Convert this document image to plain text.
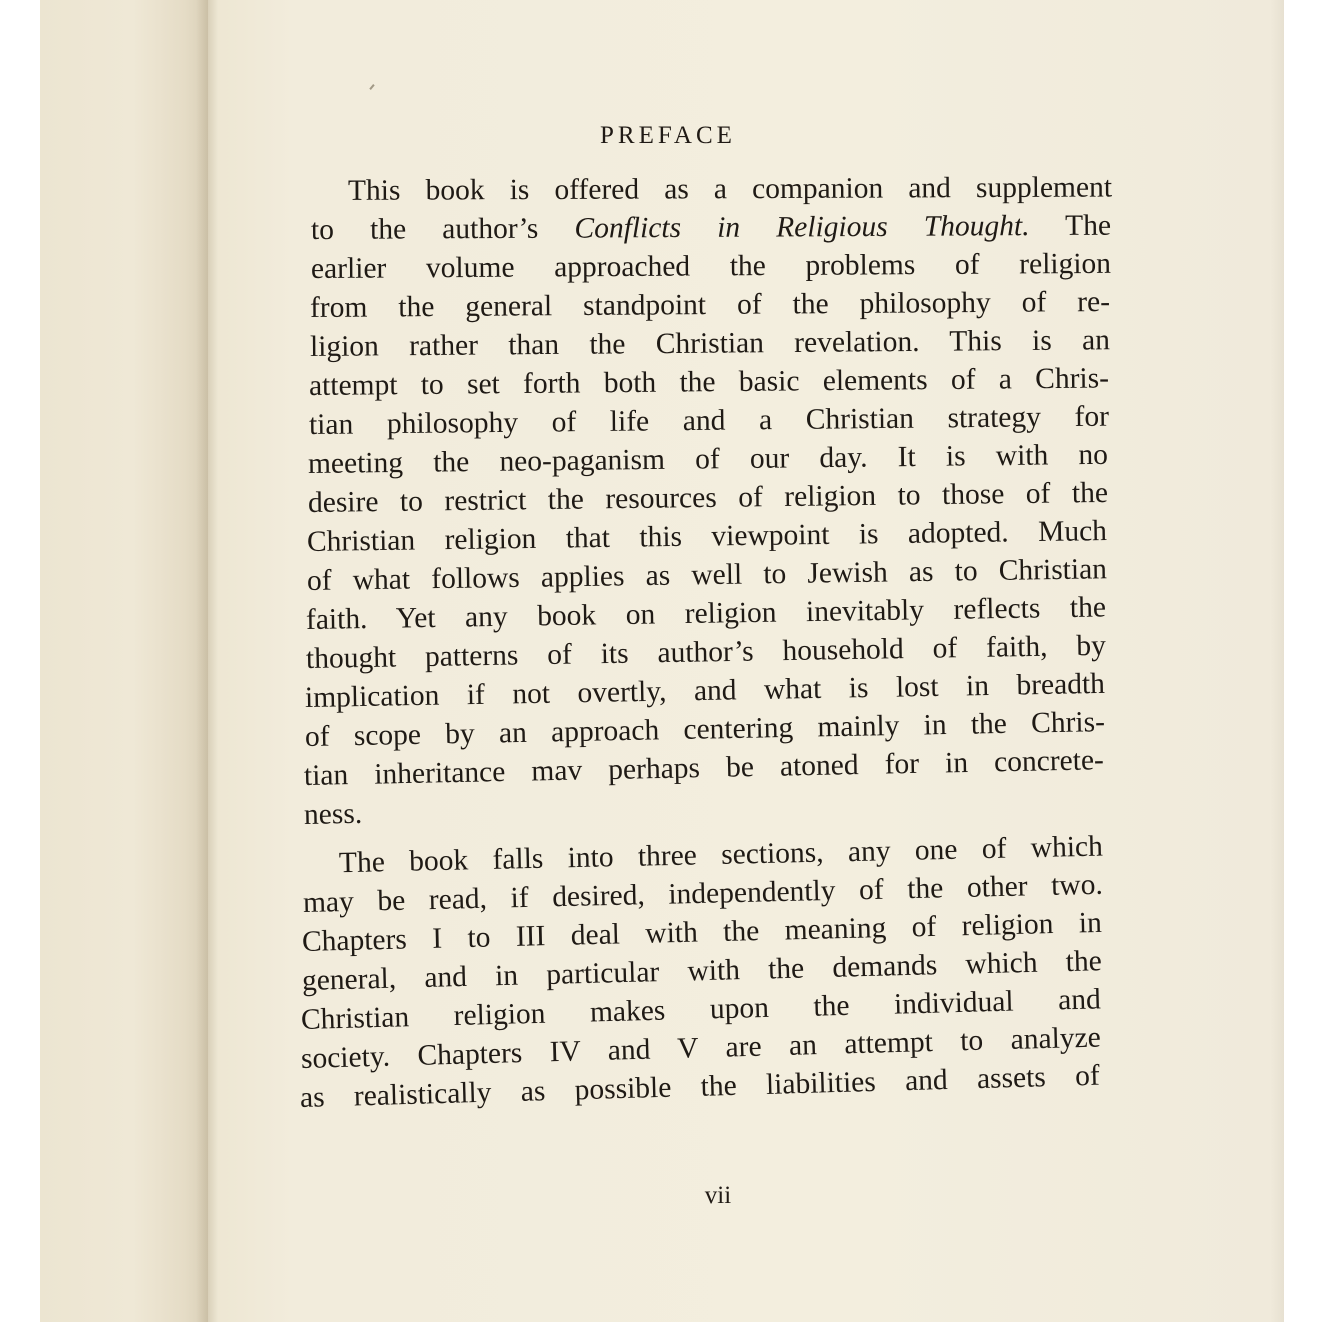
PREFACE
This book is offered as a companion and supplement
to the author’s Conflicts in Religious Thought. The
earlier volume approached the problems of religion
from the general standpoint of the philosophy of re-
ligion rather than the Christian revelation. This is an
attempt to set forth both the basic elements of a Chris-
tian philosophy of life and a Christian strategy for
meeting the neo-paganism of our day. It is with no
desire to restrict the resources of religion to those of the
Christian religion that this viewpoint is adopted. Much
of what follows applies as well to Jewish as to Christian
faith. Yet any book on religion inevitably reflects the
thought patterns of its author’s household of faith, by
implication if not overtly, and what is lost in breadth
of scope by an approach centering mainly in the Chris-
tian inheritance mav perhaps be atoned for in concrete-
ness.
The book falls into three sections, any one of which
may be read, if desired, independently of the other two.
Chapters I to III deal with the meaning of religion in
general, and in particular with the demands which the
Christian religion makes upon the individual and
society. Chapters IV and V are an attempt to analyze
as realistically as possible the liabilities and assets of
vii
